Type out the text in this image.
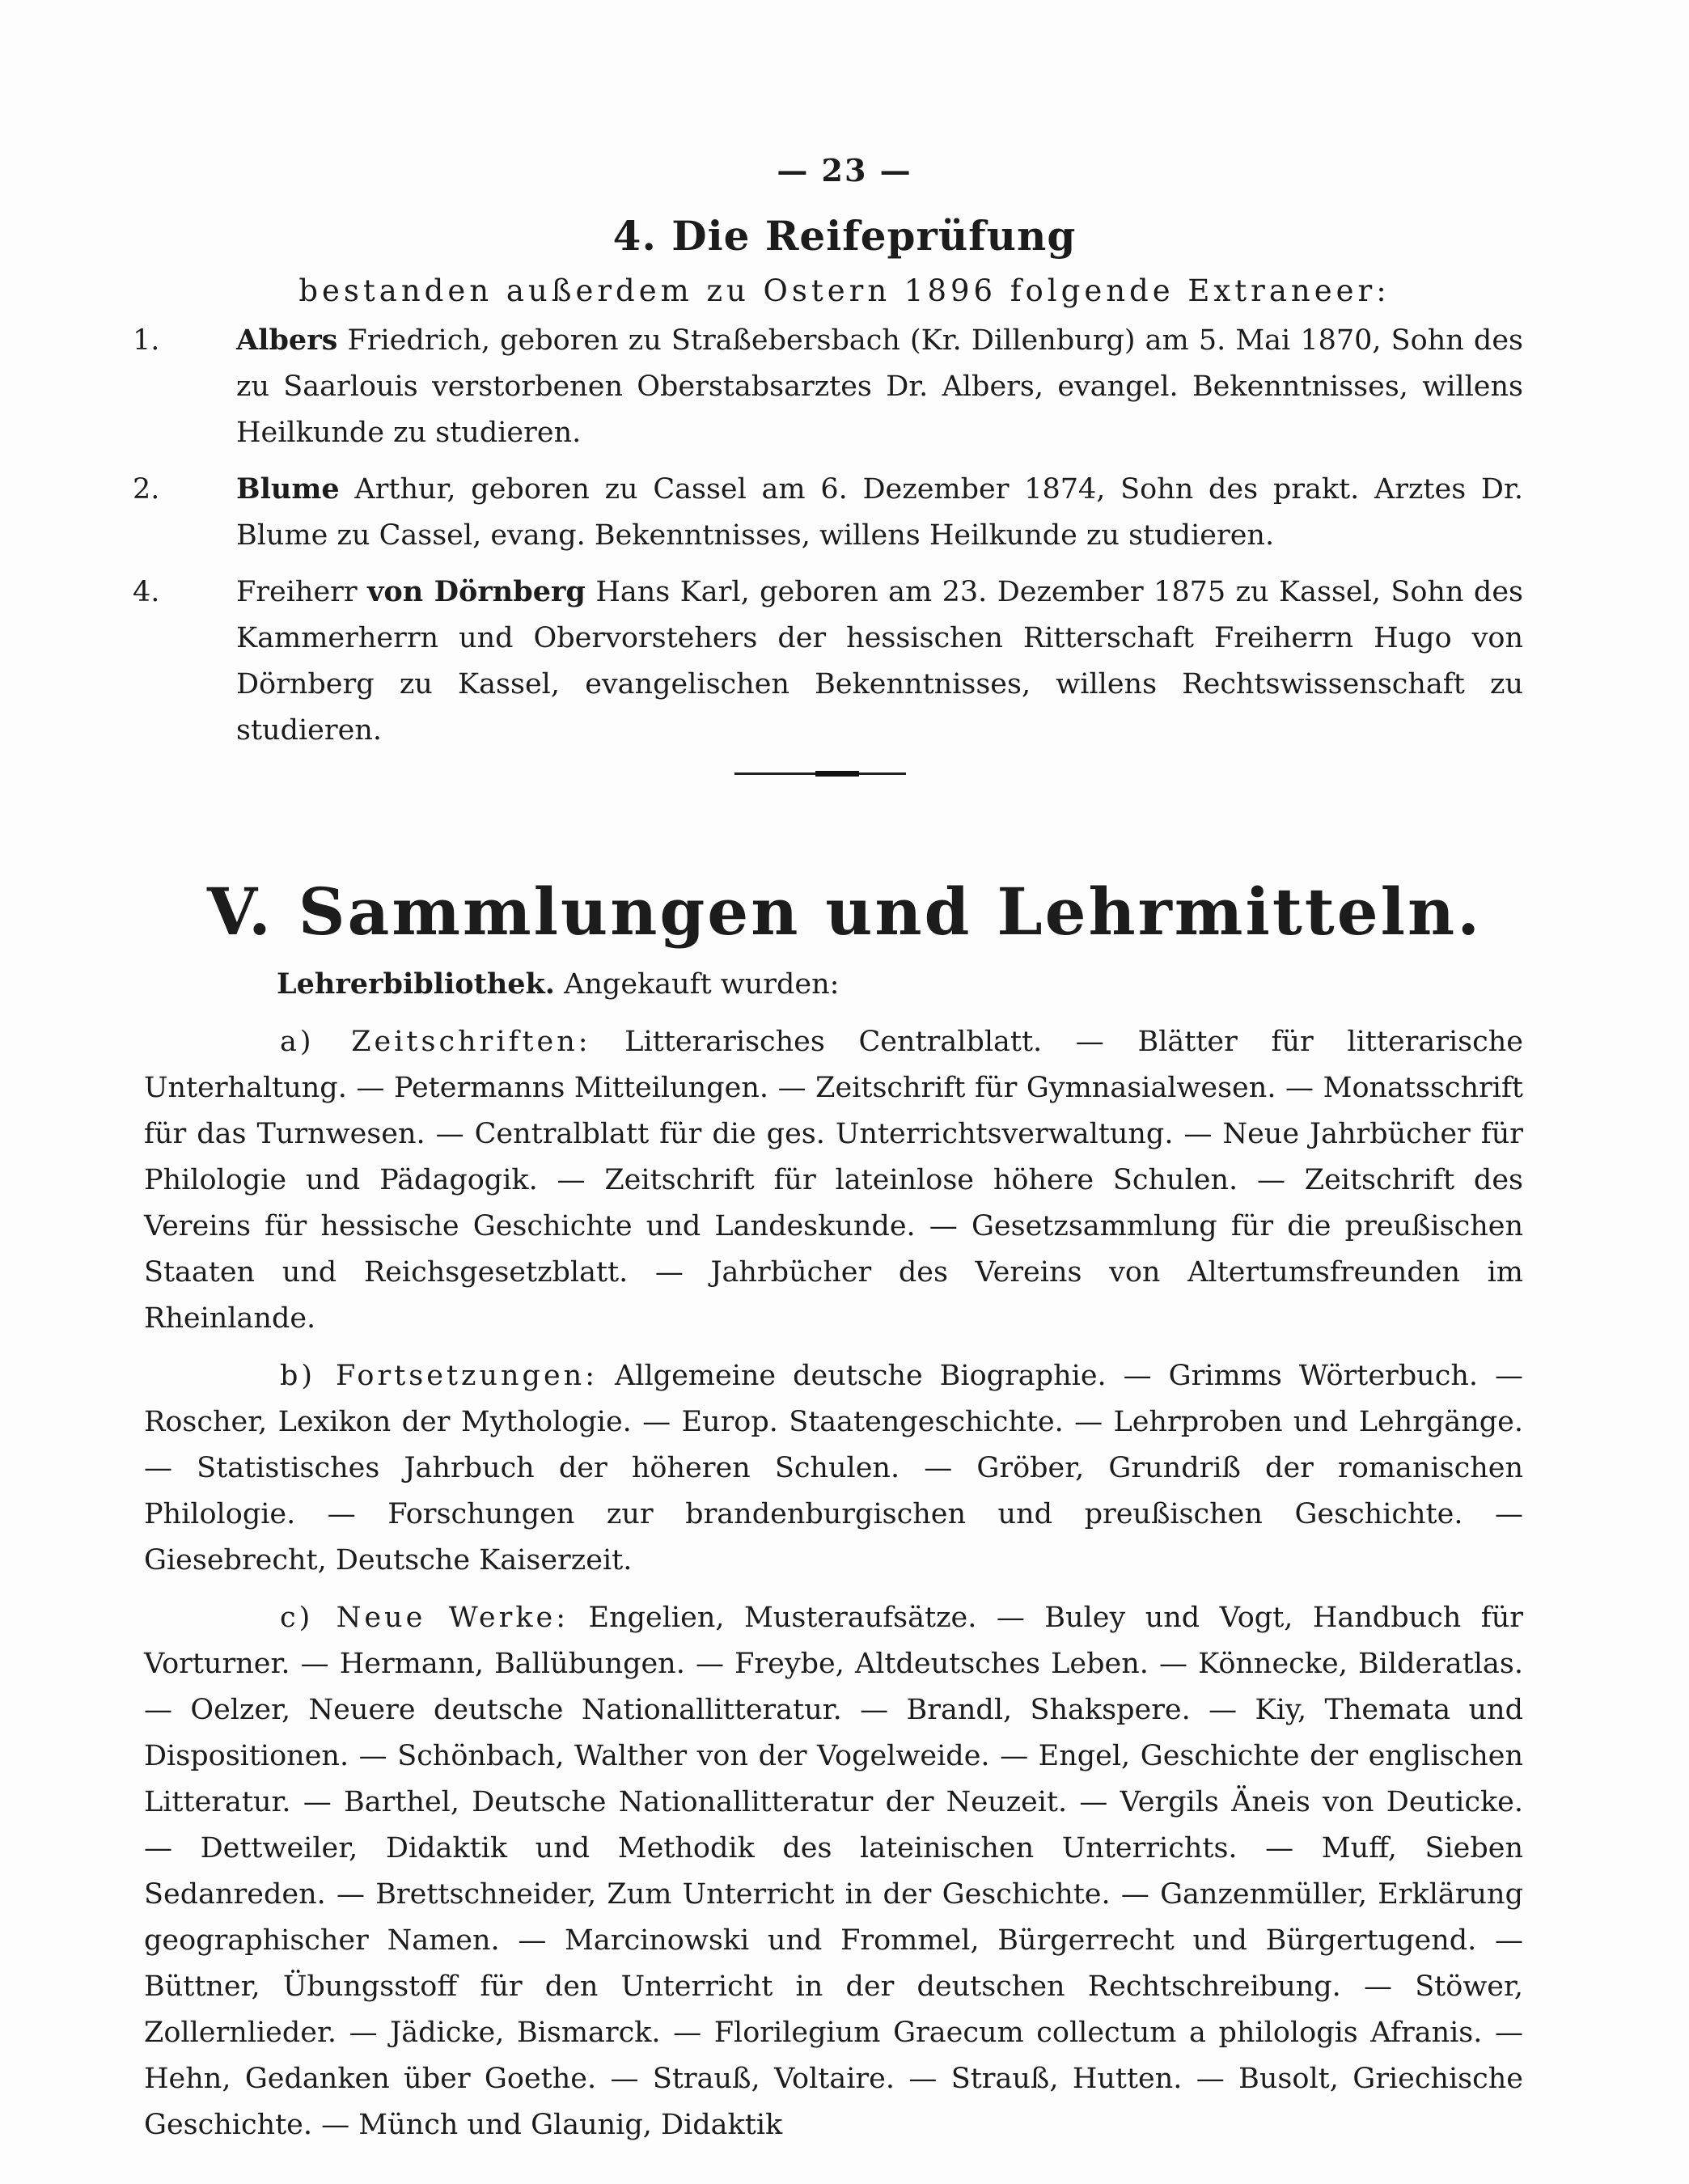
— 23 —
4. Die Reifeprüfung
bestanden außerdem zu Ostern 1896 folgende Extraneer:

1.	Albers Friedrich, geboren zu Straßebersbach (Kr. Dillenburg) am 5. Mai 1870, Sohn des zu Saarlouis verstorbenen Oberstabsarztes Dr. Albers, evangel. Bekenntnisses, willens Heilkunde zu studieren.

2.	Blume Arthur, geboren zu Cassel am 6. Dezember 1874, Sohn des prakt. Arztes Dr. Blume zu Cassel, evang. Bekenntnisses, willens Heilkunde zu studieren.

4.	Freiherr von Dörnberg Hans Karl, geboren am 23. Dezember 1875 zu Kassel, Sohn des Kammerherrn und Obervorstehers der hessischen Ritterschaft Freiherrn Hugo von Dörnberg zu Kassel, evangelischen Bekenntnisses, willens Rechtswissenschaft zu studieren.

V. Sammlungen und Lehrmitteln.

Lehrerbibliothek. Angekauft wurden:

a) Zeitschriften: Litterarisches Centralblatt. — Blätter für litterarische Unterhaltung. — Petermanns Mitteilungen. — Zeitschrift für Gymnasialwesen. — Monatsschrift für das Turnwesen. — Centralblatt für die ges. Unterrichtsverwaltung. — Neue Jahrbücher für Philologie und Pädagogik. — Zeitschrift für lateinlose höhere Schulen. — Zeitschrift des Vereins für hessische Geschichte und Landeskunde. — Gesetzsammlung für die preußischen Staaten und Reichsgesetzblatt. — Jahrbücher des Vereins von Altertumsfreunden im Rheinlande.

b) Fortsetzungen: Allgemeine deutsche Biographie. — Grimms Wörterbuch. — Roscher, Lexikon der Mythologie. — Europ. Staatengeschichte. — Lehrproben und Lehrgänge. — Statistisches Jahrbuch der höheren Schulen. — Gröber, Grundriß der romanischen Philologie. — Forschungen zur brandenburgischen und preußischen Geschichte. — Giesebrecht, Deutsche Kaiserzeit.

c) Neue Werke: Engelien, Musteraufsätze. — Buley und Vogt, Handbuch für Vorturner. — Hermann, Ballübungen. — Freybe, Altdeutsches Leben. — Könnecke, Bilderatlas. — Oelzer, Neuere deutsche Nationallitteratur. — Brandl, Shakspere. — Kiy, Themata und Dispositionen. — Schönbach, Walther von der Vogelweide. — Engel, Geschichte der englischen Litteratur. — Barthel, Deutsche Nationallitteratur der Neuzeit. — Vergils Äneis von Deuticke. — Dettweiler, Didaktik und Methodik des lateinischen Unterrichts. — Muff, Sieben Sedanreden. — Brettschneider, Zum Unterricht in der Geschichte. — Ganzenmüller, Erklärung geographischer Namen. — Marcinowski und Frommel, Bürgerrecht und Bürgertugend. — Büttner, Übungsstoff für den Unterricht in der deutschen Rechtschreibung. — Stöwer, Zollernlieder. — Jädicke, Bismarck. — Florilegium Graecum collectum a philologis Afranis. — Hehn, Gedanken über Goethe. — Strauß, Voltaire. — Strauß, Hutten. — Busolt, Griechische Geschichte. — Münch und Glaunig, Didaktik
